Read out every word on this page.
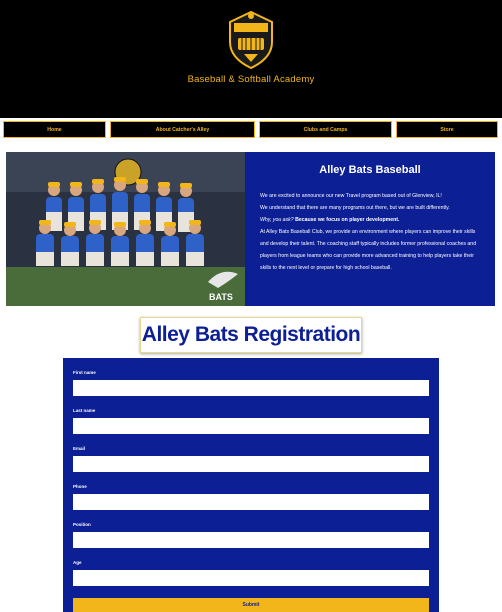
Baseball & Softball Academy
Home	About Catcher's Alley	Clubs and Camps	Store
BATS
Alley Bats Baseball

We are excited to announce our new Travel program based out of Glenview, IL!

We understand that there are many programs out there, but we are built differently.

Why, you ask? Because we focus on player development.

At Alley Bats Baseball Club, we provide an environment where players can improve their skills and develop their talent. The coaching staff typically includes former professional coaches and players from league teams who can provide more advanced training to help players take their skills to the next level or prepare for high school baseball.

Alley Bats Registration
First name
Last name
Email
Phone
Position
Age
Submit
